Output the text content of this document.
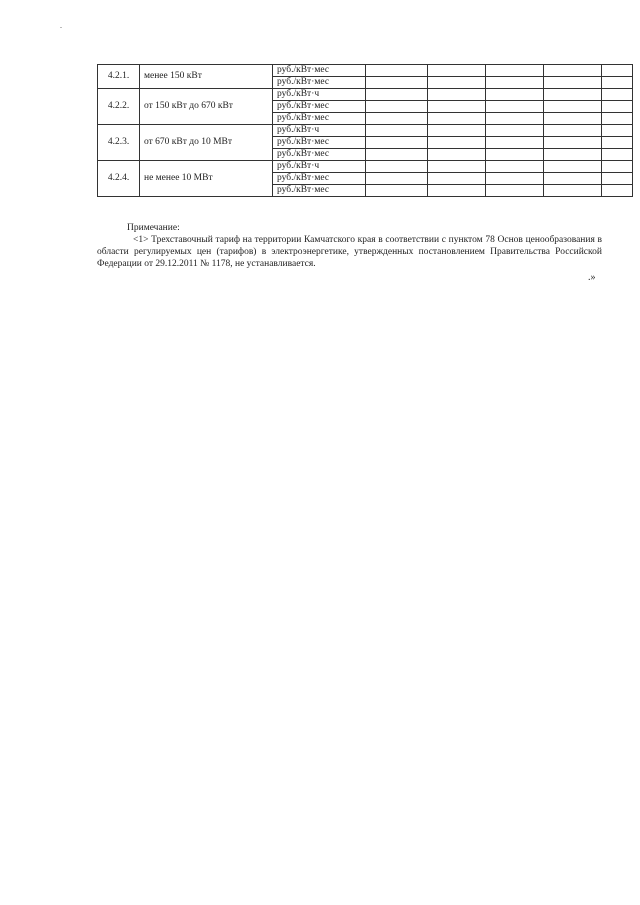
4.2.1.	менее 150 кВт	руб./кВт·мес					
		руб./кВт·мес					
4.2.2.	от 150 кВт до 670 кВт	руб./кВт·ч					
		руб./кВт·мес					
		руб./кВт·мес					
4.2.3.	от 670 кВт до 10 МВт	руб./кВт·ч					
		руб./кВт·мес					
		руб./кВт·мес					
4.2.4.	не менее 10 МВт	руб./кВт·ч					
		руб./кВт·мес					
		руб./кВт·мес					
Примечание:

<1> Трехставочный тариф на территории Камчатского края в соответствии с пунктом 78 Основ ценообразования в области регулируемых цен (тарифов) в электроэнергетике, утвержденных постановлением Правительства Российской Федерации от 29.12.2011 № 1178, не устанавливается.

.»
